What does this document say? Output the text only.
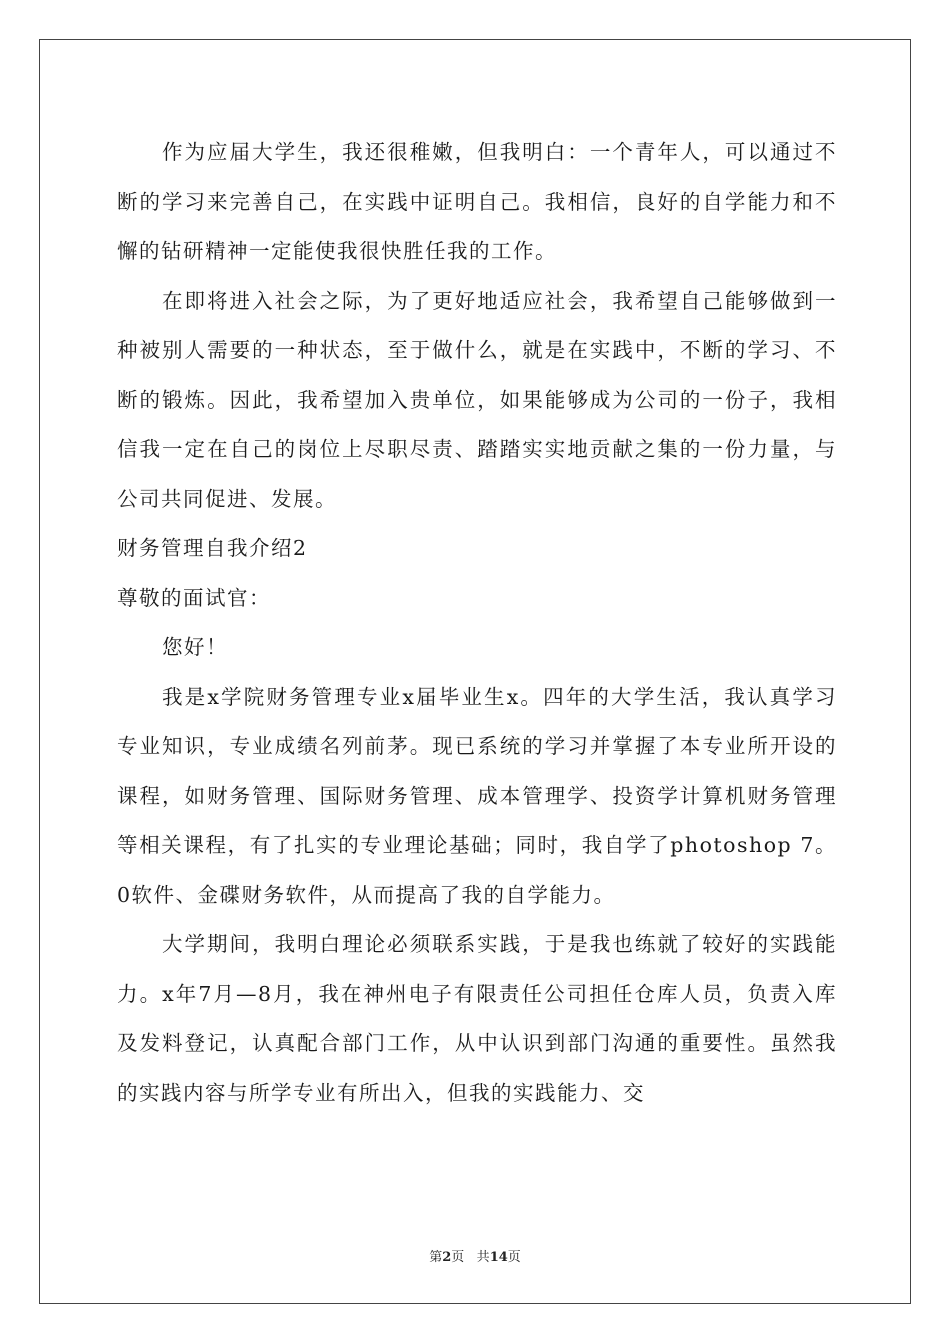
作为应届大学生，我还很稚嫩，但我明白：一个青年人，可以通过不断的学习来完善自己，在实践中证明自己。我相信，良好的自学能力和不懈的钻研精神一定能使我很快胜任我的工作。

在即将进入社会之际，为了更好地适应社会，我希望自己能够做到一种被别人需要的一种状态，至于做什么，就是在实践中，不断的学习、不断的锻炼。因此，我希望加入贵单位，如果能够成为公司的一份子，我相信我一定在自己的岗位上尽职尽责、踏踏实实地贡献之集的一份力量，与公司共同促进、发展。

财务管理自我介绍2

尊敬的面试官：

您好！

我是x学院财务管理专业x届毕业生x。四年的大学生活，我认真学习专业知识，专业成绩名列前茅。现已系统的学习并掌握了本专业所开设的课程，如财务管理、国际财务管理、成本管理学、投资学计算机财务管理等相关课程，有了扎实的专业理论基础；同时，我自学了photoshop 7。0软件、金碟财务软件，从而提高了我的自学能力。

大学期间，我明白理论必须联系实践，于是我也练就了较好的实践能力。x年7月—8月，我在神州电子有限责任公司担任仓库人员，负责入库及发料登记，认真配合部门工作，从中认识到部门沟通的重要性。虽然我的实践内容与所学专业有所出入，但我的实践能力、交

第2页 共14页
